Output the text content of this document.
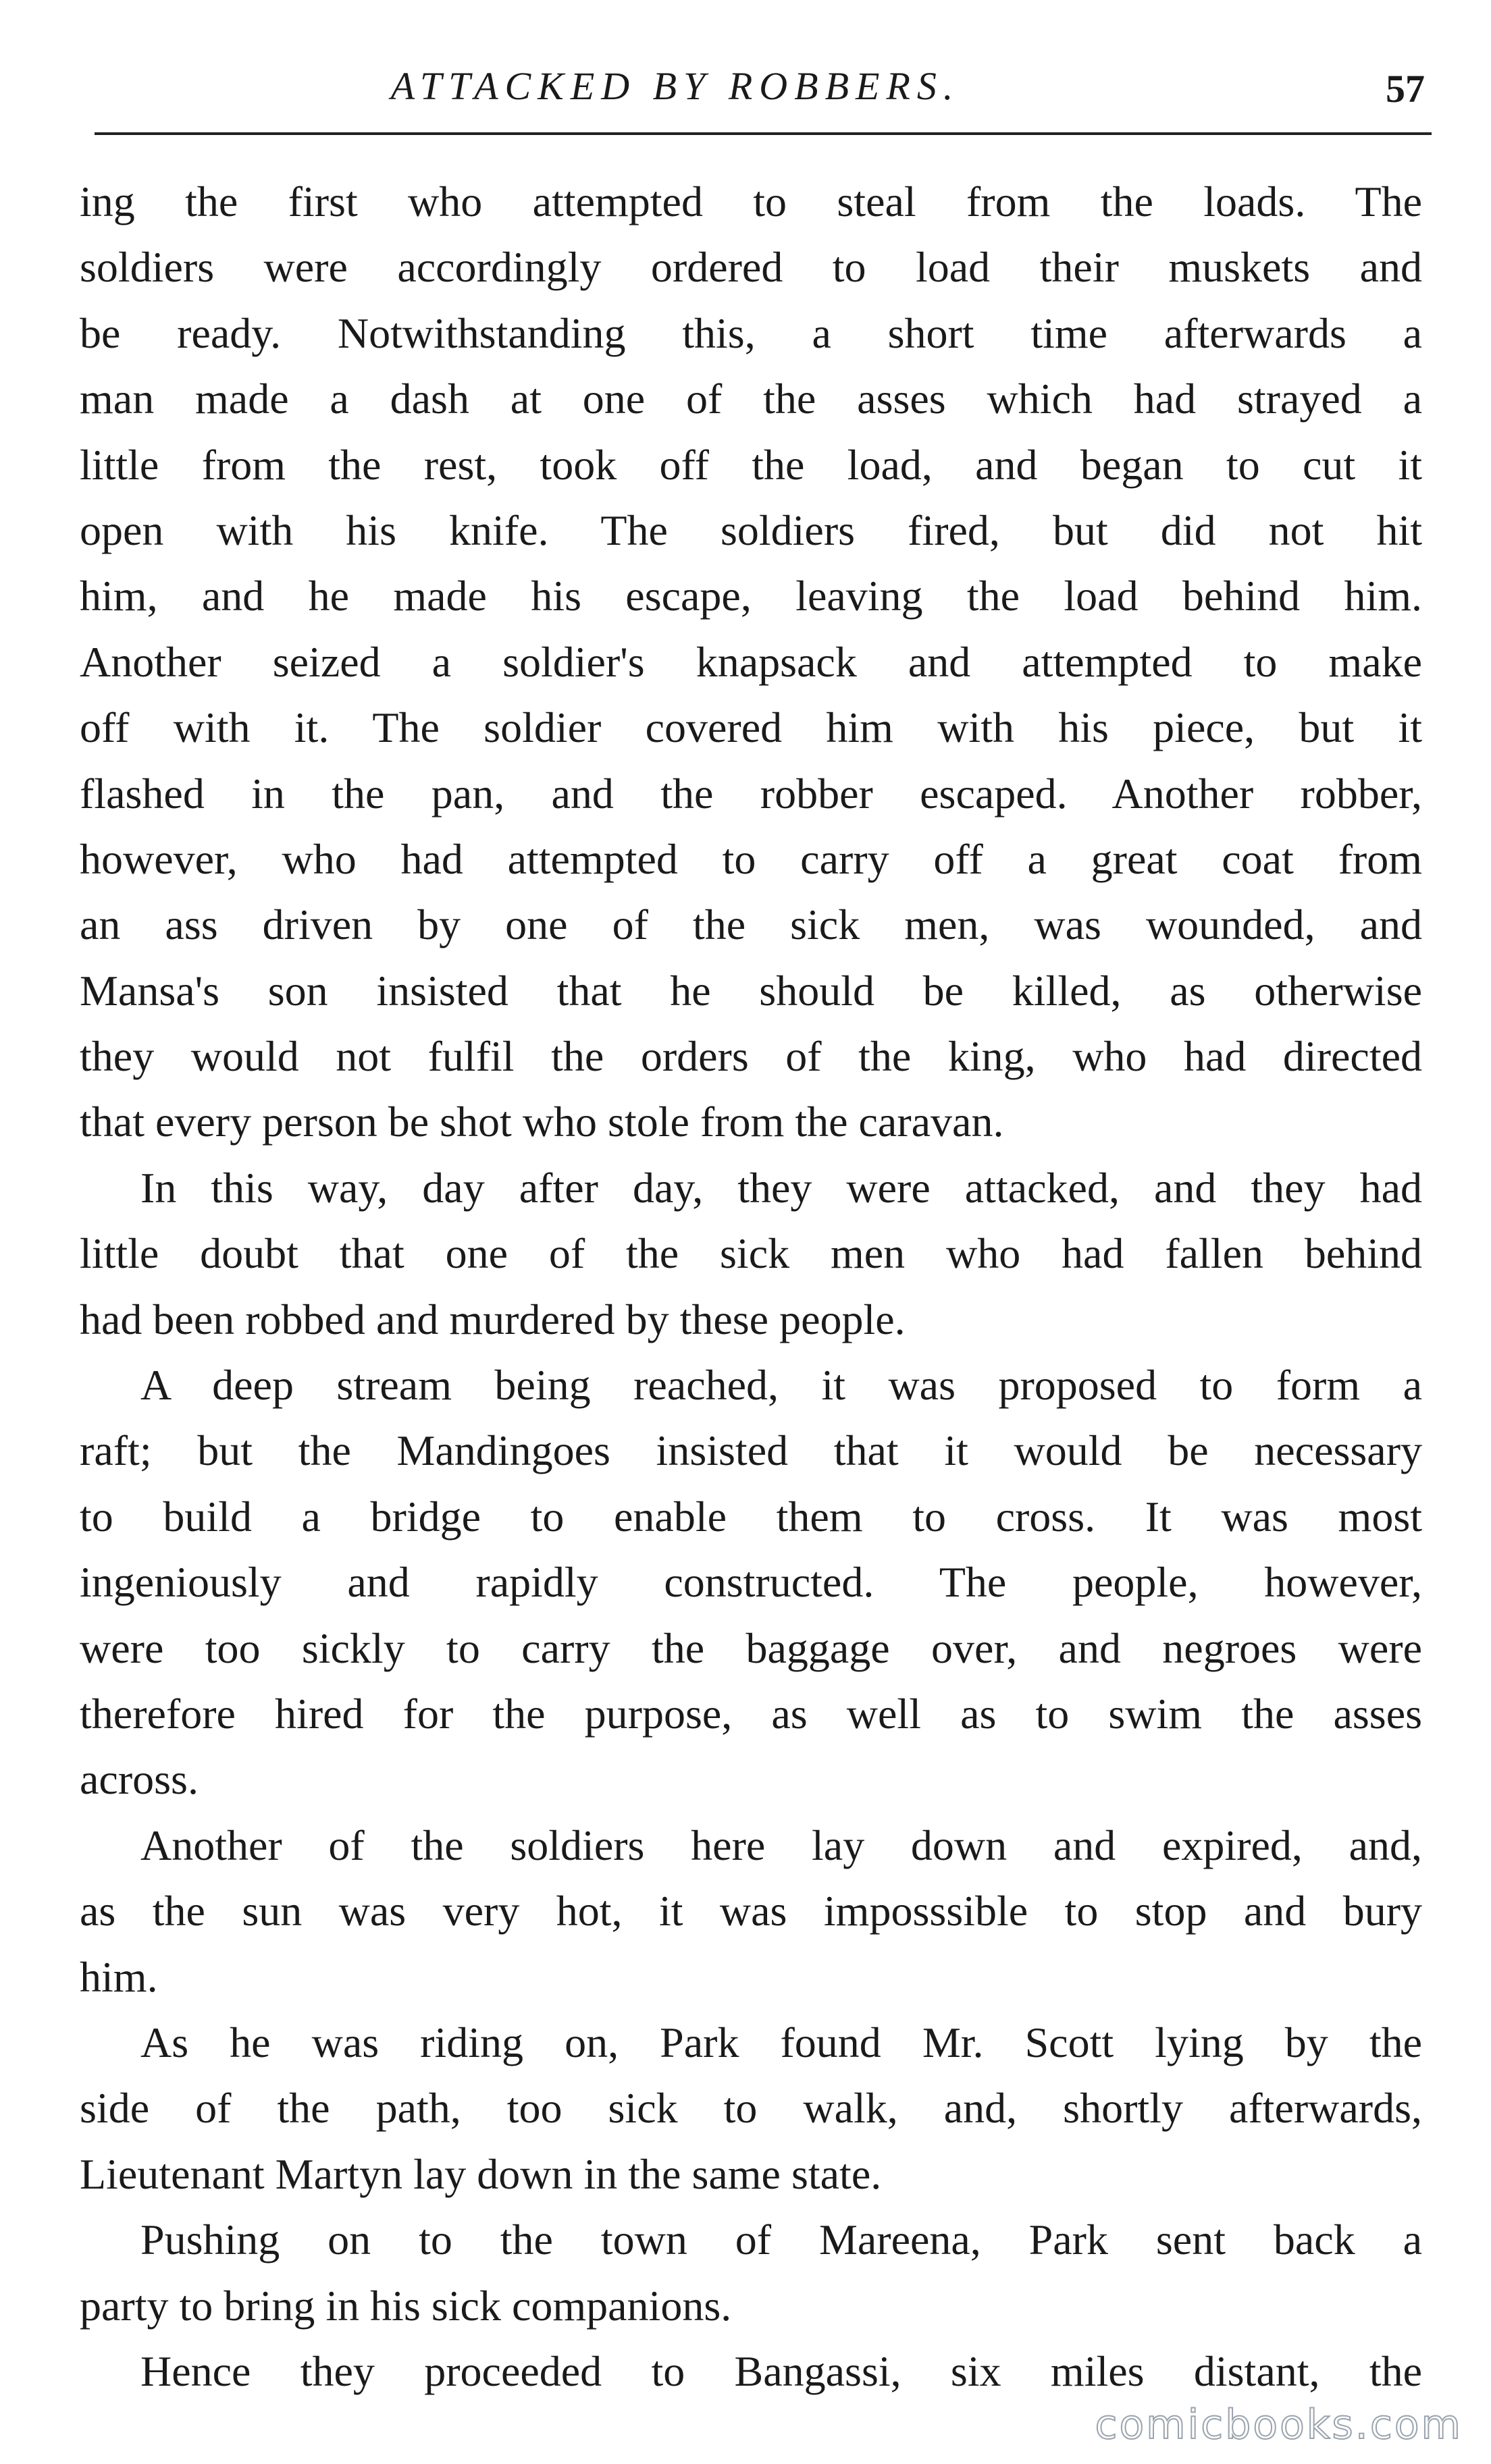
ATTACKED BY ROBBERS.	57
ing the first who attempted to steal from the loads. The
soldiers were accordingly ordered to load their muskets and
be ready. Notwithstanding this, a short time afterwards a
man made a dash at one of the asses which had strayed a
little from the rest, took off the load, and began to cut it
open with his knife. The soldiers fired, but did not hit
him, and he made his escape, leaving the load behind him.
Another seized a soldier's knapsack and attempted to make
off with it. The soldier covered him with his piece, but it
flashed in the pan, and the robber escaped. Another robber,
however, who had attempted to carry off a great coat from
an ass driven by one of the sick men, was wounded, and
Mansa's son insisted that he should be killed, as otherwise
they would not fulfil the orders of the king, who had directed
that every person be shot who stole from the caravan.
In this way, day after day, they were attacked, and they had
little doubt that one of the sick men who had fallen behind
had been robbed and murdered by these people.
A deep stream being reached, it was proposed to form a
raft; but the Mandingoes insisted that it would be necessary
to build a bridge to enable them to cross. It was most
ingeniously and rapidly constructed. The people, however,
were too sickly to carry the baggage over, and negroes were
therefore hired for the purpose, as well as to swim the asses
across.
Another of the soldiers here lay down and expired, and,
as the sun was very hot, it was imposssible to stop and bury
him.
As he was riding on, Park found Mr. Scott lying by the
side of the path, too sick to walk, and, shortly afterwards,
Lieutenant Martyn lay down in the same state.
Pushing on to the town of Mareena, Park sent back a
party to bring in his sick companions.
Hence they proceeded to Bangassi, six miles distant, the
comicbooks.com
